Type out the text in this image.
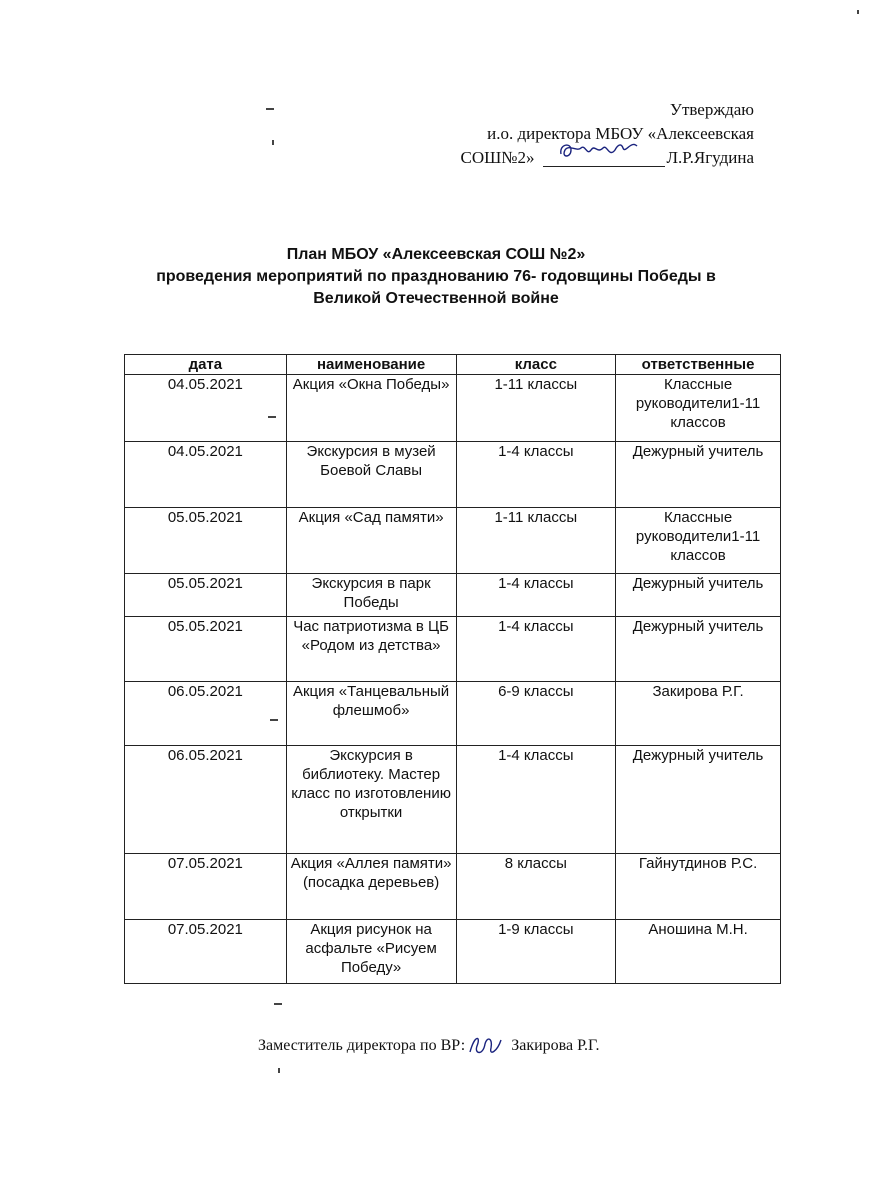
Утверждаю
и.о. директора МБОУ «Алексеевская
СОШ№2»	Л.Р.Ягудина
План МБОУ «Алексеевская СОШ №2»
проведения мероприятий по празднованию 76- годовщины Победы в
Великой Отечественной войне
дата	наименование	класс	ответственные
04.05.2021	Акция «Окна Победы»	1-11 классы	Классные руководители1-11 классов
04.05.2021	Экскурсия в музей Боевой Славы	1-4 классы	Дежурный учитель
05.05.2021	Акция «Сад памяти»	1-11 классы	Классные руководители1-11 классов
05.05.2021	Экскурсия в парк Победы	1-4 классы	Дежурный учитель
05.05.2021	Час патриотизма в ЦБ «Родом из детства»	1-4 классы	Дежурный учитель
06.05.2021	Акция «Танцевальный флешмоб»	6-9 классы	Закирова Р.Г.
06.05.2021	Экскурсия в библиотеку. Мастер класс по изготовлению открытки	1-4 классы	Дежурный учитель
07.05.2021	Акция «Аллея памяти» (посадка деревьев)	8 классы	Гайнутдинов Р.С.
07.05.2021	Акция рисунок на асфальте «Рисуем Победу»	1-9 классы	Аношина М.Н.
Заместитель директора по ВР:	Закирова Р.Г.
